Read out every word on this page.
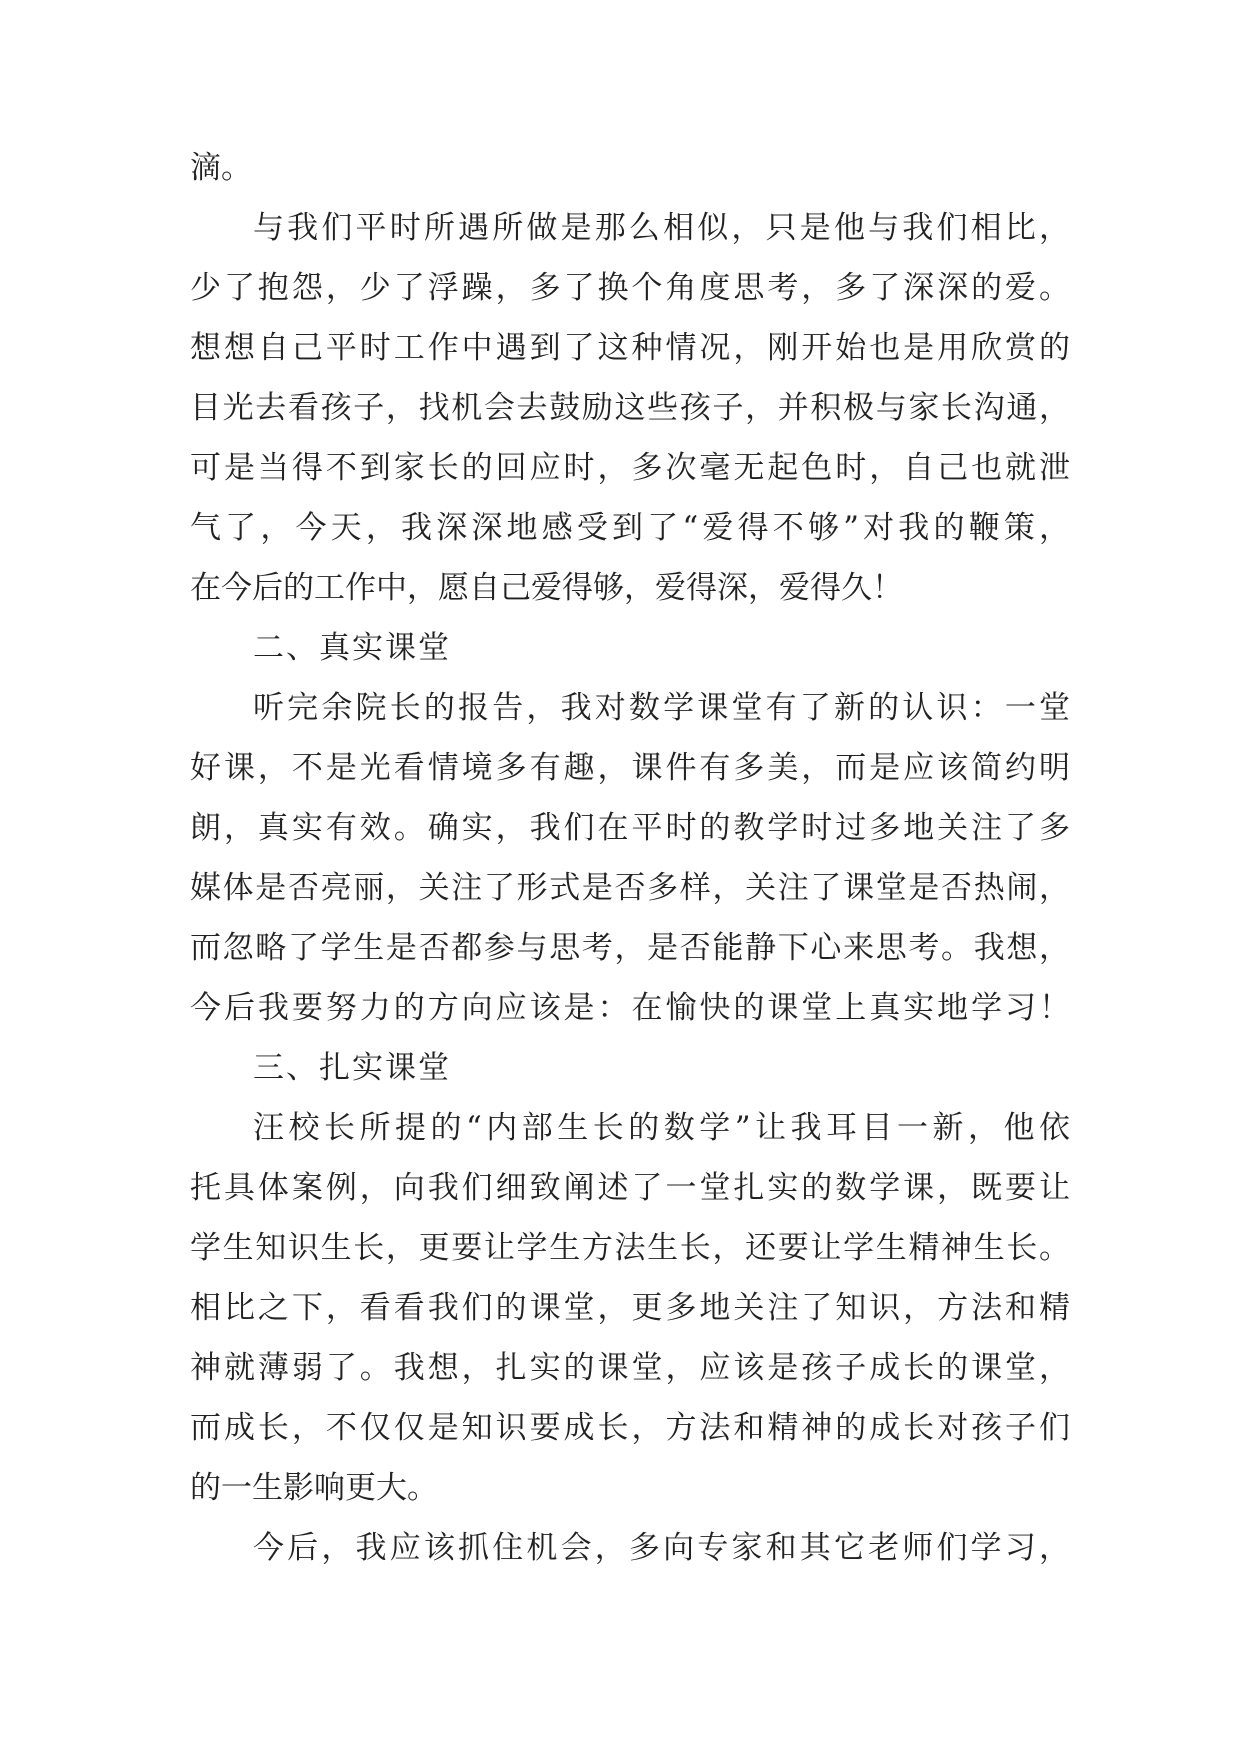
滴。
与我们平时所遇所做是那么相似，只是他与我们相比，
少了抱怨，少了浮躁，多了换个角度思考，多了深深的爱。
想想自己平时工作中遇到了这种情况，刚开始也是用欣赏的
目光去看孩子，找机会去鼓励这些孩子，并积极与家长沟通，
可是当得不到家长的回应时，多次毫无起色时，自己也就泄
气了，今天，我深深地感受到了“爱得不够”对我的鞭策，
在今后的工作中，愿自己爱得够，爱得深，爱得久！
二、真实课堂
听完余院长的报告，我对数学课堂有了新的认识：一堂
好课，不是光看情境多有趣，课件有多美，而是应该简约明
朗，真实有效。确实，我们在平时的教学时过多地关注了多
媒体是否亮丽，关注了形式是否多样，关注了课堂是否热闹，
而忽略了学生是否都参与思考，是否能静下心来思考。我想，
今后我要努力的方向应该是：在愉快的课堂上真实地学习！
三、扎实课堂
汪校长所提的“内部生长的数学”让我耳目一新，他依
托具体案例，向我们细致阐述了一堂扎实的数学课，既要让
学生知识生长，更要让学生方法生长，还要让学生精神生长。
相比之下，看看我们的课堂，更多地关注了知识，方法和精
神就薄弱了。我想，扎实的课堂，应该是孩子成长的课堂，
而成长，不仅仅是知识要成长，方法和精神的成长对孩子们
的一生影响更大。
今后，我应该抓住机会，多向专家和其它老师们学习，
